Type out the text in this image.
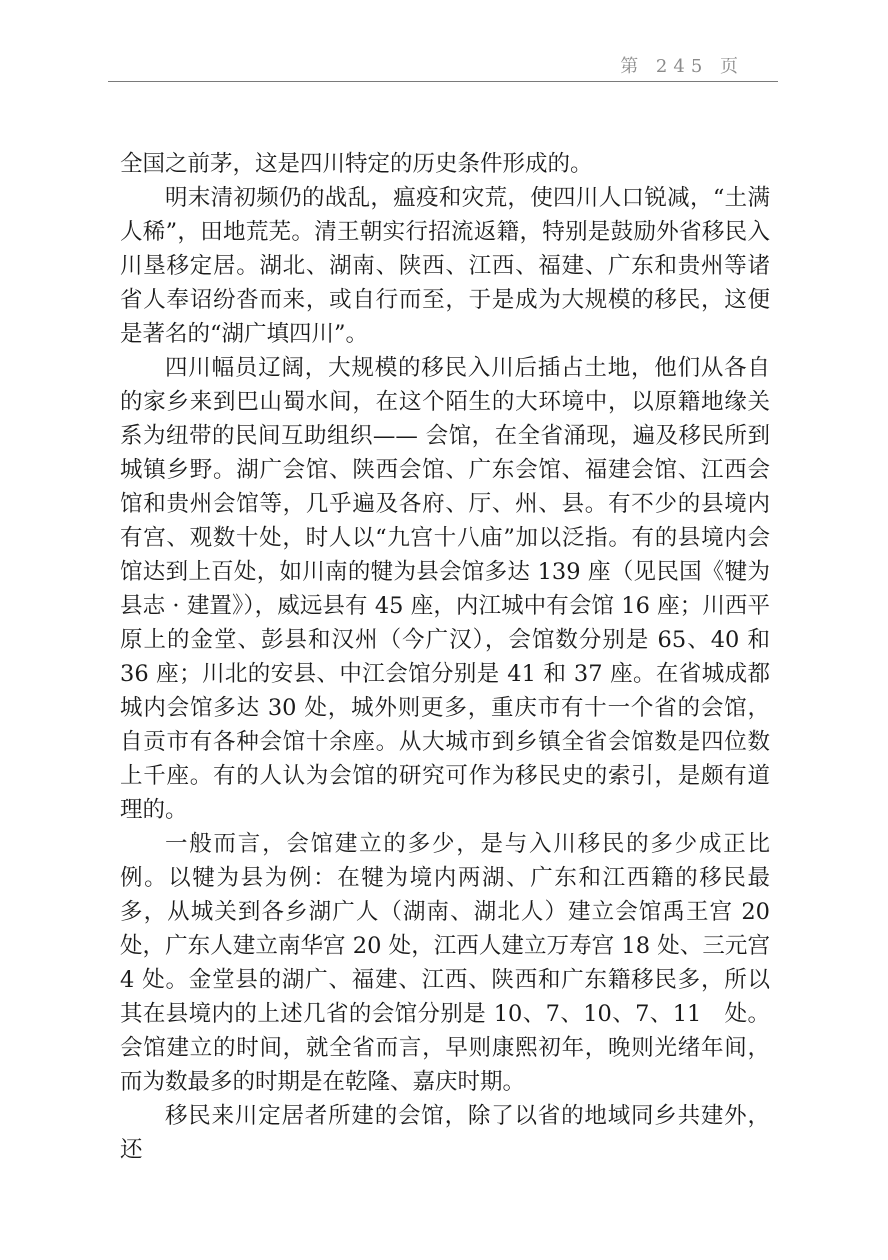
第 245 页

全国之前茅，这是四川特定的历史条件形成的。

明末清初频仍的战乱，瘟疫和灾荒，使四川人口锐减，“土满人稀”，田地荒芜。清王朝实行招流返籍，特别是鼓励外省移民入川垦移定居。湖北、湖南、陕西、江西、福建、广东和贵州等诸省人奉诏纷沓而来，或自行而至，于是成为大规模的移民，这便是著名的“湖广填四川”。

四川幅员辽阔，大规模的移民入川后插占土地，他们从各自的家乡来到巴山蜀水间，在这个陌生的大环境中，以原籍地缘关系为纽带的民间互助组织—— 会馆，在全省涌现，遍及移民所到城镇乡野。湖广会馆、陕西会馆、广东会馆、福建会馆、江西会馆和贵州会馆等，几乎遍及各府、厅、州、县。有不少的县境内有宫、观数十处，时人以“九宫十八庙”加以泛指。有的县境内会馆达到上百处，如川南的犍为县会馆多达 139 座（见民国《犍为县志 · 建置》），威远县有 45 座，内江城中有会馆 16 座；川西平原上的金堂、彭县和汉州（今广汉），会馆数分别是 65、40 和 36 座；川北的安县、中江会馆分别是 41 和 37 座。在省城成都城内会馆多达 30 处，城外则更多，重庆市有十一个省的会馆，自贡市有各种会馆十余座。从大城市到乡镇全省会馆数是四位数上千座。有的人认为会馆的研究可作为移民史的索引，是颇有道理的。

一般而言，会馆建立的多少，是与入川移民的多少成正比例。以犍为县为例：在犍为境内两湖、广东和江西籍的移民最多，从城关到各乡湖广人（湖南、湖北人）建立会馆禹王宫 20 处，广东人建立南华宫 20 处，江西人建立万寿宫 18 处、三元宫 4 处。金堂县的湖广、福建、江西、陕西和广东籍移民多，所以其在县境内的上述几省的会馆分别是 10、7、10、7、11　处。会馆建立的时间，就全省而言，早则康熙初年，晚则光绪年间，而为数最多的时期是在乾隆、嘉庆时期。

移民来川定居者所建的会馆，除了以省的地域同乡共建外，还
